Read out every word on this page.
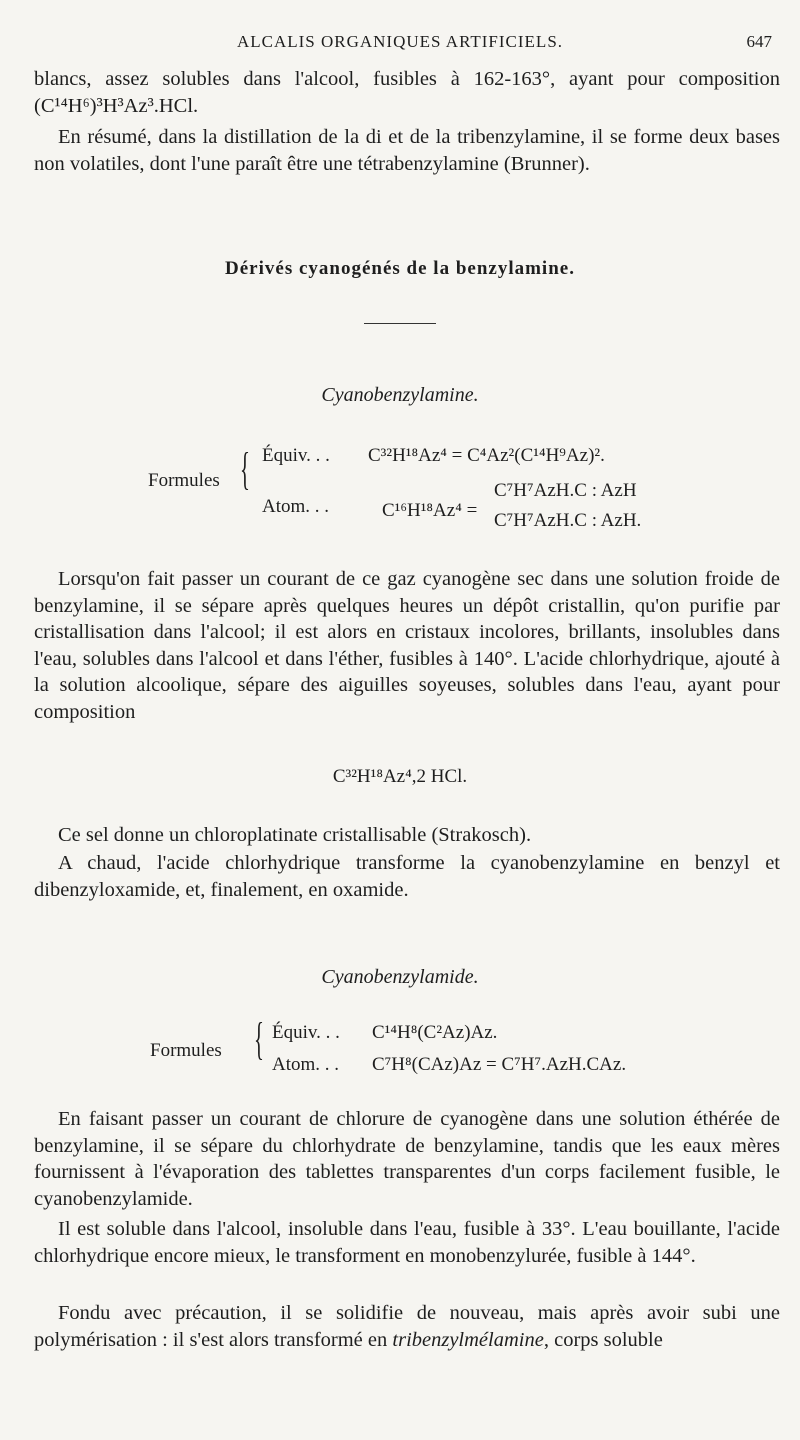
ALCALIS ORGANIQUES ARTIFICIELS.	647

blancs, assez solubles dans l'alcool, fusibles à 162-163°, ayant pour composition (C¹⁴H⁶)³H³Az³.HCl.

En résumé, dans la distillation de la di et de la tribenzylamine, il se forme deux bases non volatiles, dont l'une paraît être une tétrabenzylamine (Brunner).

Dérivés cyanogénés de la benzylamine.
Cyanobenzylamine.
Formules { Équiv. . . C³²H¹⁸Az⁴ = C⁴Az²(C¹⁴H⁹Az)².
Atom. . .	C¹⁶H¹⁸Az⁴ =
C⁷H⁷AzH.C : AzH
C⁷H⁷AzH.C : AzH.

Lorsqu'on fait passer un courant de ce gaz cyanogène sec dans une solution froide de benzylamine, il se sépare après quelques heures un dépôt cristallin, qu'on purifie par cristallisation dans l'alcool; il est alors en cristaux incolores, brillants, insolubles dans l'eau, solubles dans l'alcool et dans l'éther, fusibles à 140°. L'acide chlorhydrique, ajouté à la solution alcoolique, sépare des aiguilles soyeuses, solubles dans l'eau, ayant pour composition

C³²H¹⁸Az⁴,2 HCl.

Ce sel donne un chloroplatinate cristallisable (Strakosch).

A chaud, l'acide chlorhydrique transforme la cyanobenzylamine en benzyl et dibenzyloxamide, et, finalement, en oxamide.

Cyanobenzylamide.
Formules { Équiv. . . C¹⁴H⁸(C²Az)Az.
Atom. . . C⁷H⁸(CAz)Az = C⁷H⁷.AzH.CAz.

En faisant passer un courant de chlorure de cyanogène dans une solution éthérée de benzylamine, il se sépare du chlorhydrate de benzylamine, tandis que les eaux mères fournissent à l'évaporation des tablettes transparentes d'un corps facilement fusible, le cyanobenzylamide.

Il est soluble dans l'alcool, insoluble dans l'eau, fusible à 33°. L'eau bouillante, l'acide chlorhydrique encore mieux, le transforment en monobenzylurée, fusible à 144°.

Fondu avec précaution, il se solidifie de nouveau, mais après avoir subi une polymérisation : il s'est alors transformé en tribenzylmélamine, corps soluble
